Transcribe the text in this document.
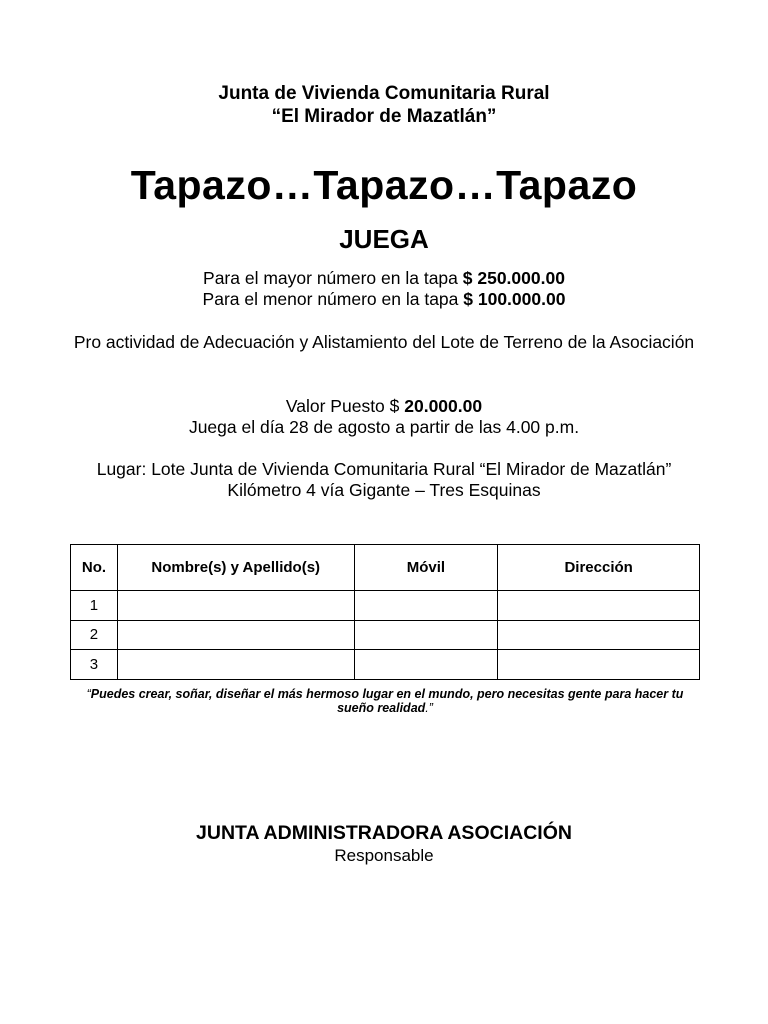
Junta de Vivienda Comunitaria Rural
“El Mirador de Mazatlán”
Tapazo…Tapazo…Tapazo
JUEGA
Para el mayor número en la tapa $ 250.000.00
Para el menor número en la tapa $ 100.000.00
Pro actividad de Adecuación y Alistamiento del Lote de Terreno de la Asociación
Valor Puesto $ 20.000.00
Juega el día 28 de agosto a partir de las 4.00 p.m.
Lugar: Lote Junta de Vivienda Comunitaria Rural “El Mirador de Mazatlán”
Kilómetro 4 vía Gigante – Tres Esquinas
No.	Nombre(s) y Apellido(s)	Móvil	Dirección
1			
2			
3			
“Puedes crear, soñar, diseñar el más hermoso lugar en el mundo, pero necesitas gente para hacer tu sueño realidad.”
JUNTA ADMINISTRADORA ASOCIACIÓN
Responsable
